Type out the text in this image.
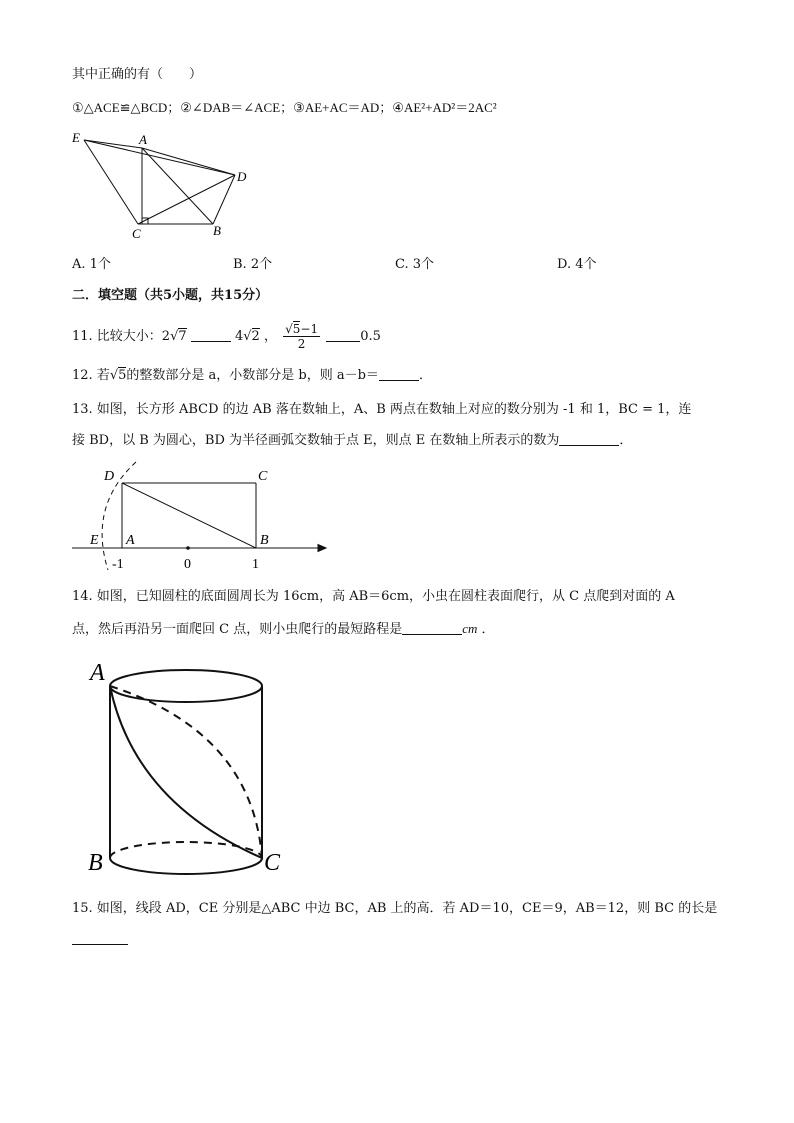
其中正确的有（　　）
①△ACE≌△BCD；②∠DAB＝∠ACE；③AE+AC＝AD；④AE²+AD²＝2AC²
E	A
D
C	B
A. 1个	B. 2个	C. 3个	D. 4个
二．填空题（共5小题，共15分）
11. 比较大小：2√7	4√2 ， $\frac{√5-1}{2}$	0.5
12. 若√5的整数部分是 a，小数部分是 b，则 a－b＝	．
13. 如图，长方形 ABCD 的边 AB 落在数轴上，A、B 两点在数轴上对应的数分别为 -1 和 1，BC = 1，连
接 BD，以 B 为圆心，BD 为半径画弧交数轴于点 E，则点 E 在数轴上所表示的数为	．
D	C
E A	B
-1	0	1
14. 如图，已知圆柱的底面圆周长为 16cm，高 AB＝6cm，小虫在圆柱表面爬行，从 C 点爬到对面的 A
点，然后再沿另一面爬回 C 点，则小虫爬行的最短路程是	cm ．
A
B	C
15. 如图，线段 AD，CE 分别是△ABC 中边 BC，AB 上的高．若 AD＝10，CE＝9，AB＝12，则 BC 的长是
